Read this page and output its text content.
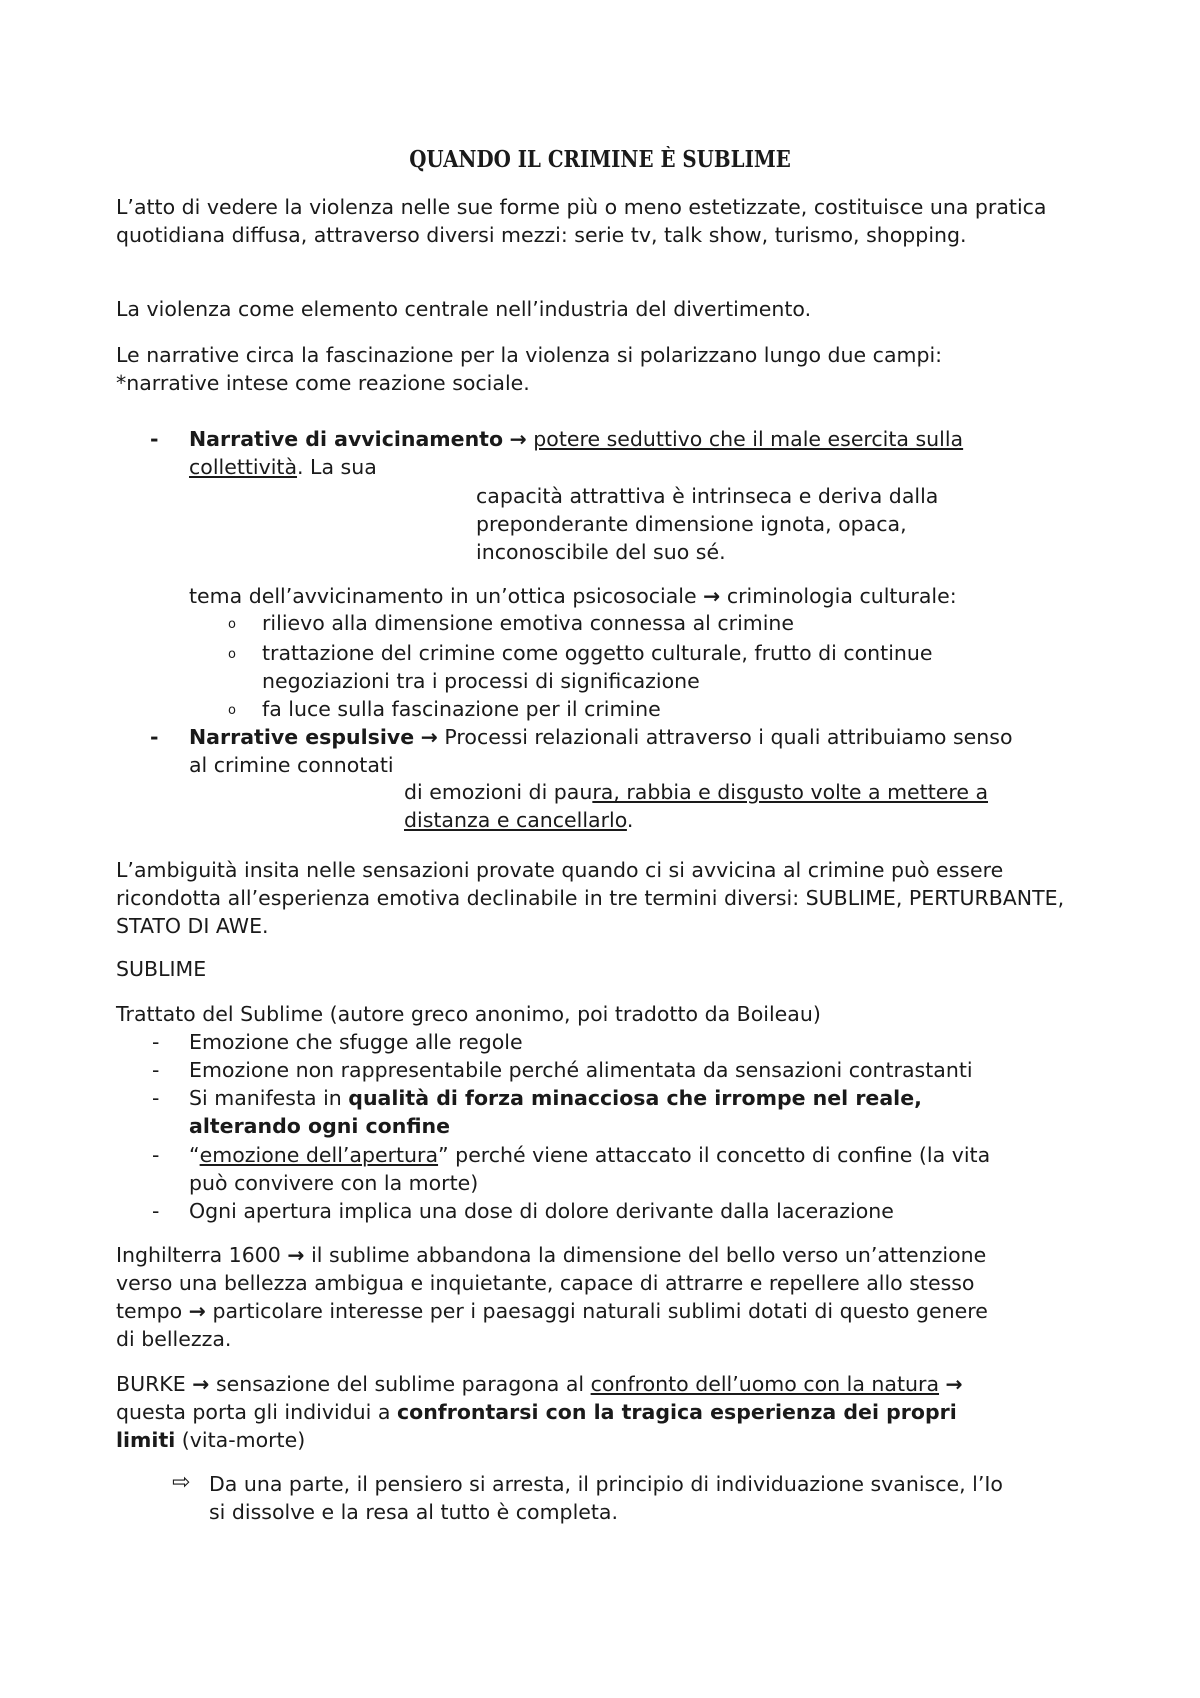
QUANDO IL CRIMINE È SUBLIME
L’atto di vedere la violenza nelle sue forme più o meno estetizzate, costituisce una pratica quotidiana diffusa, attraverso diversi mezzi: serie tv, talk show, turismo, shopping.
La violenza come elemento centrale nell’industria del divertimento.
Le narrative circa la fascinazione per la violenza si polarizzano lungo due campi:
*narrative intese come reazione sociale.
- Narrative di avvicinamento → potere seduttivo che il male esercita sulla
collettività. La sua
capacità attrattiva è intrinseca e deriva dalla
preponderante dimensione ignota, opaca,
inconoscibile del suo sé.
tema dell’avvicinamento in un’ottica psicosociale → criminologia culturale:
o rilievo alla dimensione emotiva connessa al crimine
o trattazione del crimine come oggetto culturale, frutto di continue
negoziazioni tra i processi di significazione
o fa luce sulla fascinazione per il crimine
- Narrative espulsive → Processi relazionali attraverso i quali attribuiamo senso
al crimine connotati
di emozioni di paura, rabbia e disgusto volte a mettere a
distanza e cancellarlo.
L’ambiguità insita nelle sensazioni provate quando ci si avvicina al crimine può essere ricondotta all’esperienza emotiva declinabile in tre termini diversi: SUBLIME, PERTURBANTE, STATO DI AWE.
SUBLIME
Trattato del Sublime (autore greco anonimo, poi tradotto da Boileau)
- Emozione che sfugge alle regole
- Emozione non rappresentabile perché alimentata da sensazioni contrastanti
- Si manifesta in qualità di forza minacciosa che irrompe nel reale,
alterando ogni confine
- “emozione dell’apertura” perché viene attaccato il concetto di confine (la vita
può convivere con la morte)
- Ogni apertura implica una dose di dolore derivante dalla lacerazione
Inghilterra 1600 → il sublime abbandona la dimensione del bello verso un’attenzione
verso una bellezza ambigua e inquietante, capace di attrarre e repellere allo stesso
tempo → particolare interesse per i paesaggi naturali sublimi dotati di questo genere
di bellezza.
BURKE → sensazione del sublime paragona al confronto dell’uomo con la natura →
questa porta gli individui a confrontarsi con la tragica esperienza dei propri
limiti (vita-morte)
⇨ Da una parte, il pensiero si arresta, il principio di individuazione svanisce, l’Io
si dissolve e la resa al tutto è completa.
